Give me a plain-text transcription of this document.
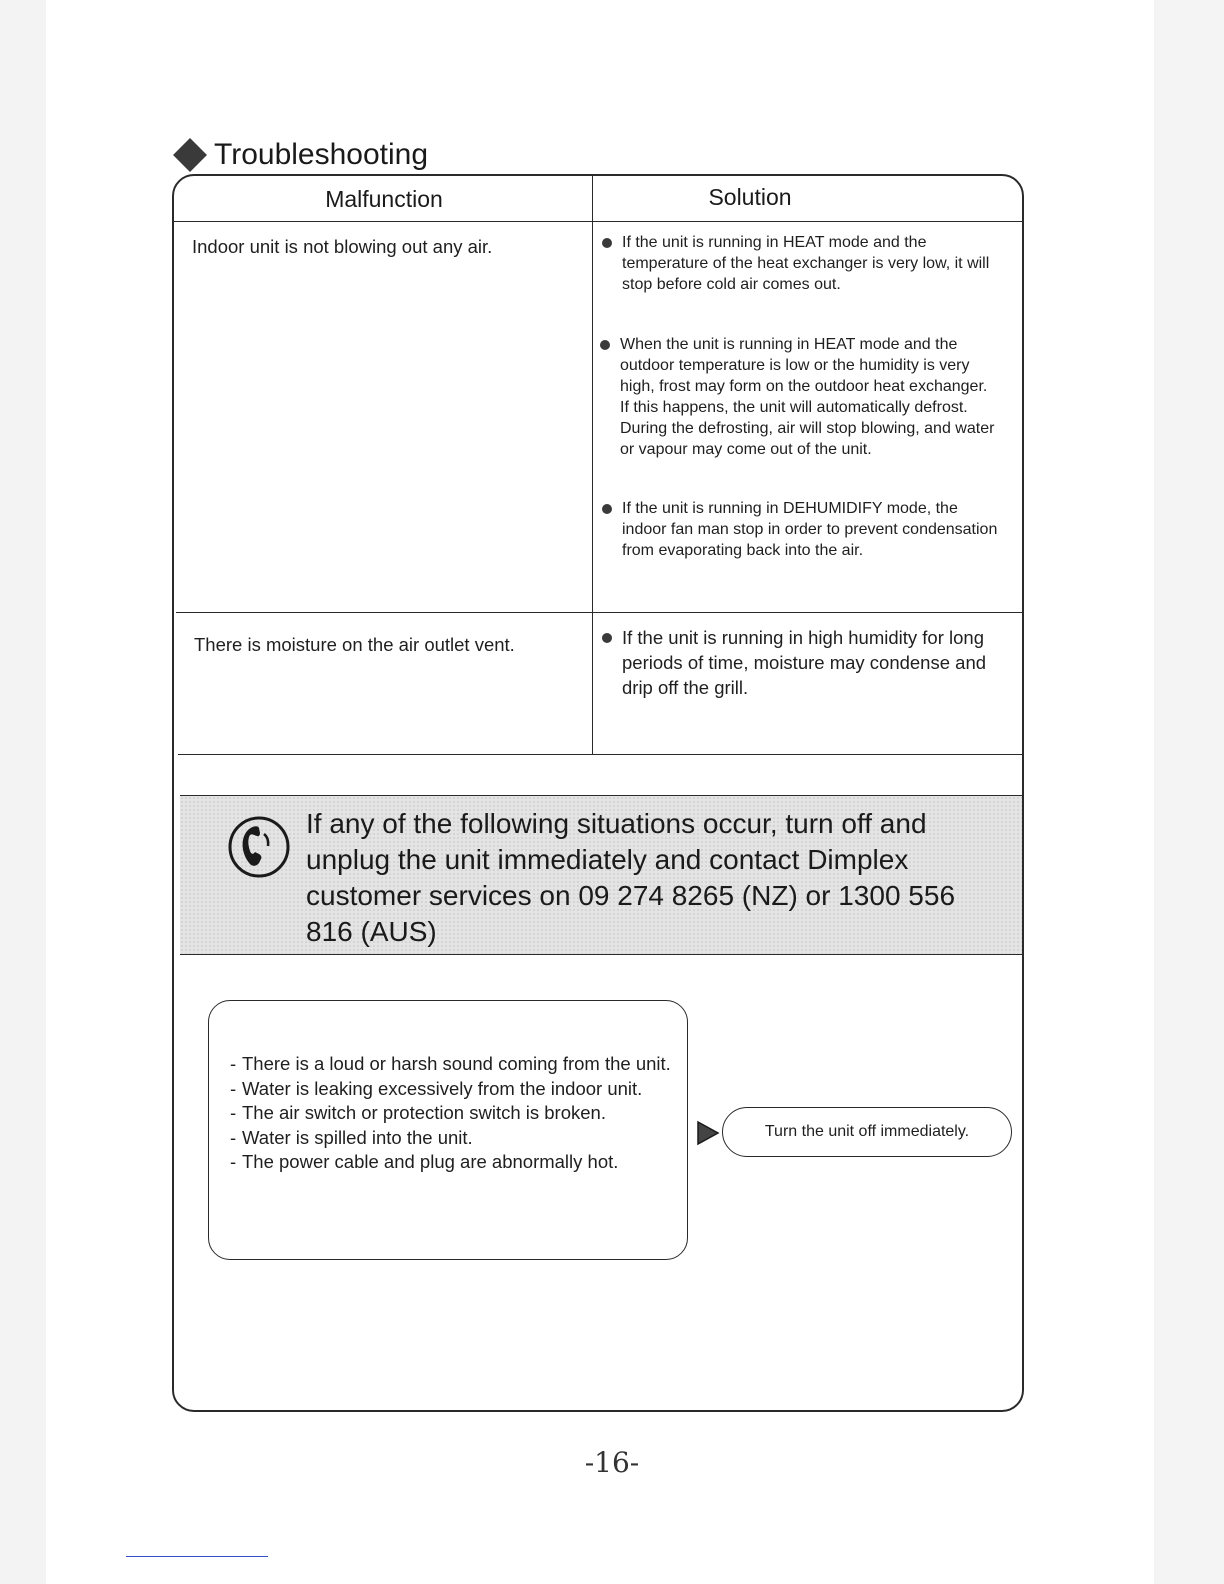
Troubleshooting
Malfunction	Solution
Indoor unit is not blowing out any air.	If the unit is running in HEAT mode and the temperature of the heat exchanger is very low, it will stop before cold air comes out.
When the unit is running in HEAT mode and the outdoor temperature is low or the humidity is very high, frost may form on the outdoor heat exchanger. If this happens, the unit will automatically defrost. During the defrosting, air will stop blowing, and water or vapour may come out of the unit.
If the unit is running in DEHUMIDIFY mode, the indoor fan man stop in order to prevent condensation from evaporating back into the air.
There is moisture on the air outlet vent.	If the unit is running in high humidity for long periods of time, moisture may condense and drip off the grill.
If any of the following situations occur, turn off and unplug the unit immediately and contact Dimplex customer services on 09 274 8265 (NZ) or 1300 556 816 (AUS)
- There is a loud or harsh sound coming from the unit.
- Water is leaking excessively from the indoor unit.
- The air switch or protection switch is broken.
- Water is spilled into the unit.
- The power cable and plug are abnormally hot.
Turn the unit off immediately.
-16-
